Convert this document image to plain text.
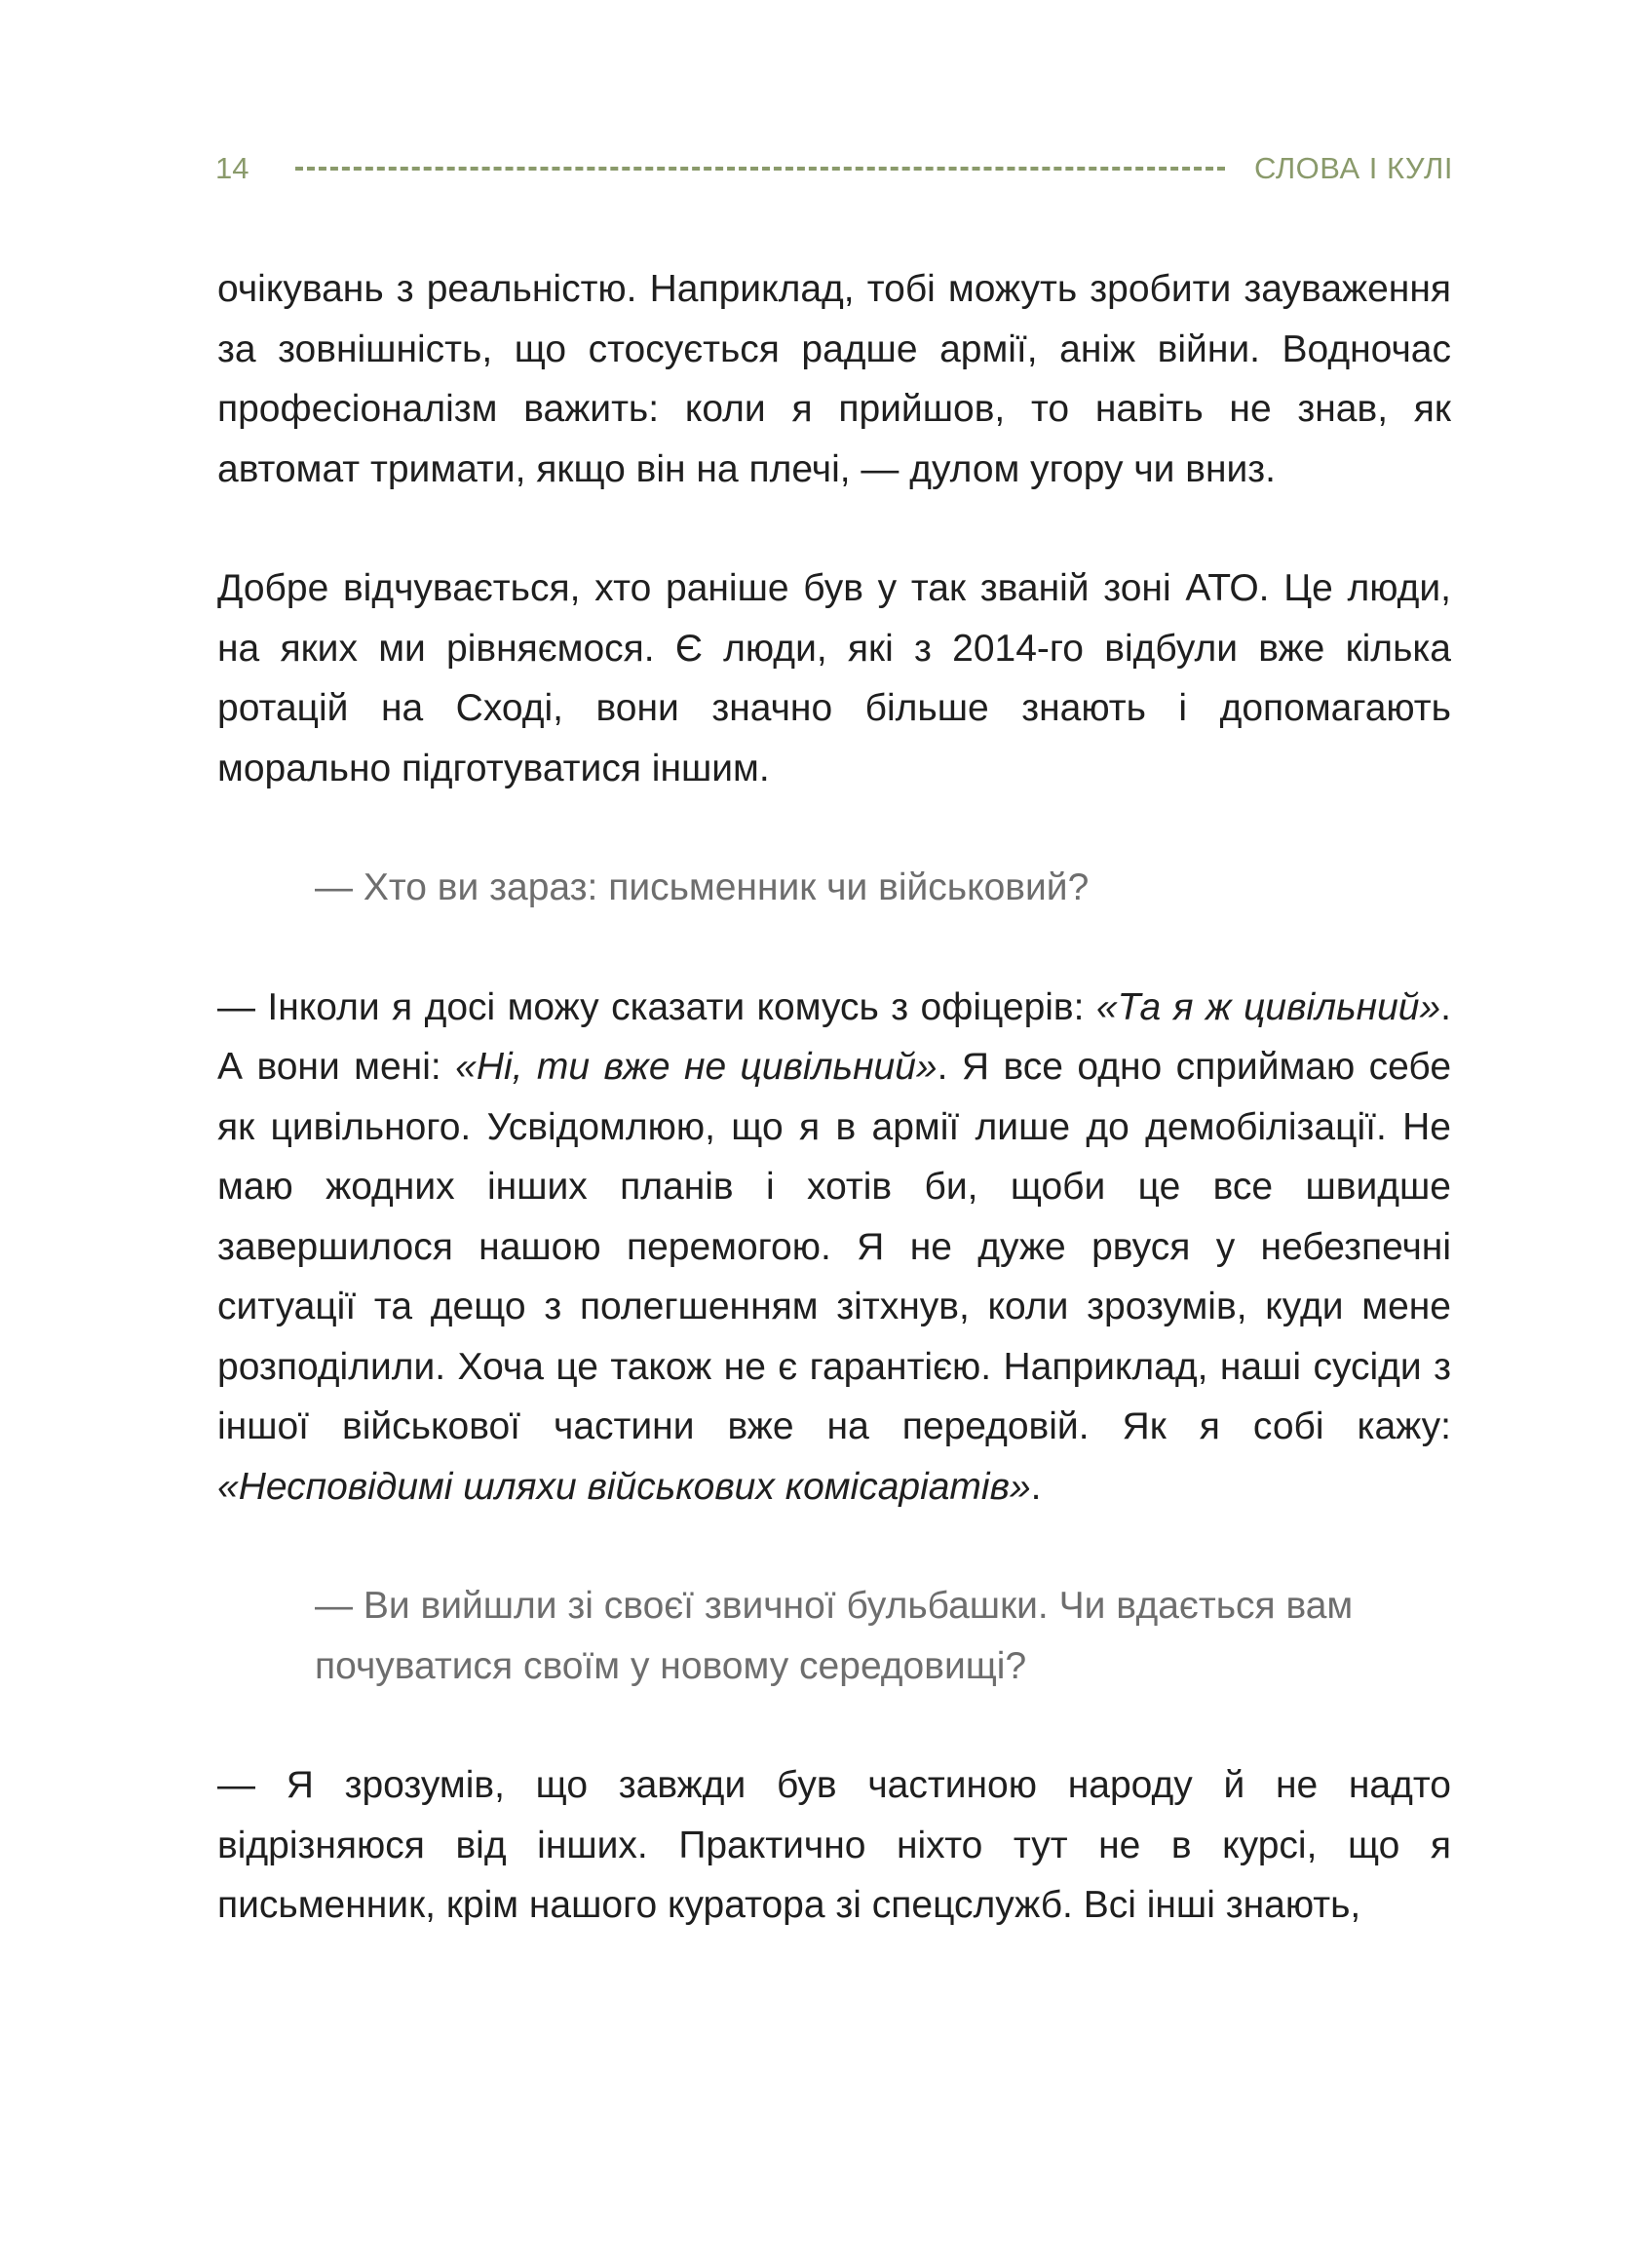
14	СЛОВА І КУЛІ

очікувань з реальністю. Наприклад, тобі можуть зробити зауваження за зовнішність, що стосується радше армії, аніж війни. Водночас професіоналізм важить: коли я прийшов, то навіть не знав, як автомат тримати, якщо він на плечі, — дулом угору чи вниз.

Добре відчувається, хто раніше був у так званій зоні АТО. Це люди, на яких ми рівняємося. Є люди, які з 2014-го відбули вже кілька ротацій на Сході, вони значно більше знають і допомагають морально підготуватися іншим.

— Хто ви зараз: письменник чи військовий?

— Інколи я досі можу сказати комусь з офіцерів: «Та я ж цивільний». А вони мені: «Ні, ти вже не цивільний». Я все одно сприймаю себе як цивільного. Усвідомлюю, що я в армії лише до демобілізації. Не маю жодних інших планів і хотів би, щоби це все швидше завершилося нашою перемогою. Я не дуже рвуся у небезпечні ситуації та дещо з полегшенням зітхнув, коли зрозумів, куди мене розподілили. Хоча це також не є гарантією. Наприклад, наші сусіди з іншої військової частини вже на передовій. Як я собі кажу: «Несповідимі шляхи військових комісаріатів».

— Ви вийшли зі своєї звичної бульбашки. Чи вдається вам почуватися своїм у новому середовищі?

— Я зрозумів, що завжди був частиною народу й не надто відрізняюся від інших. Практично ніхто тут не в курсі, що я письменник, крім нашого куратора зі спецслужб. Всі інші знають,
